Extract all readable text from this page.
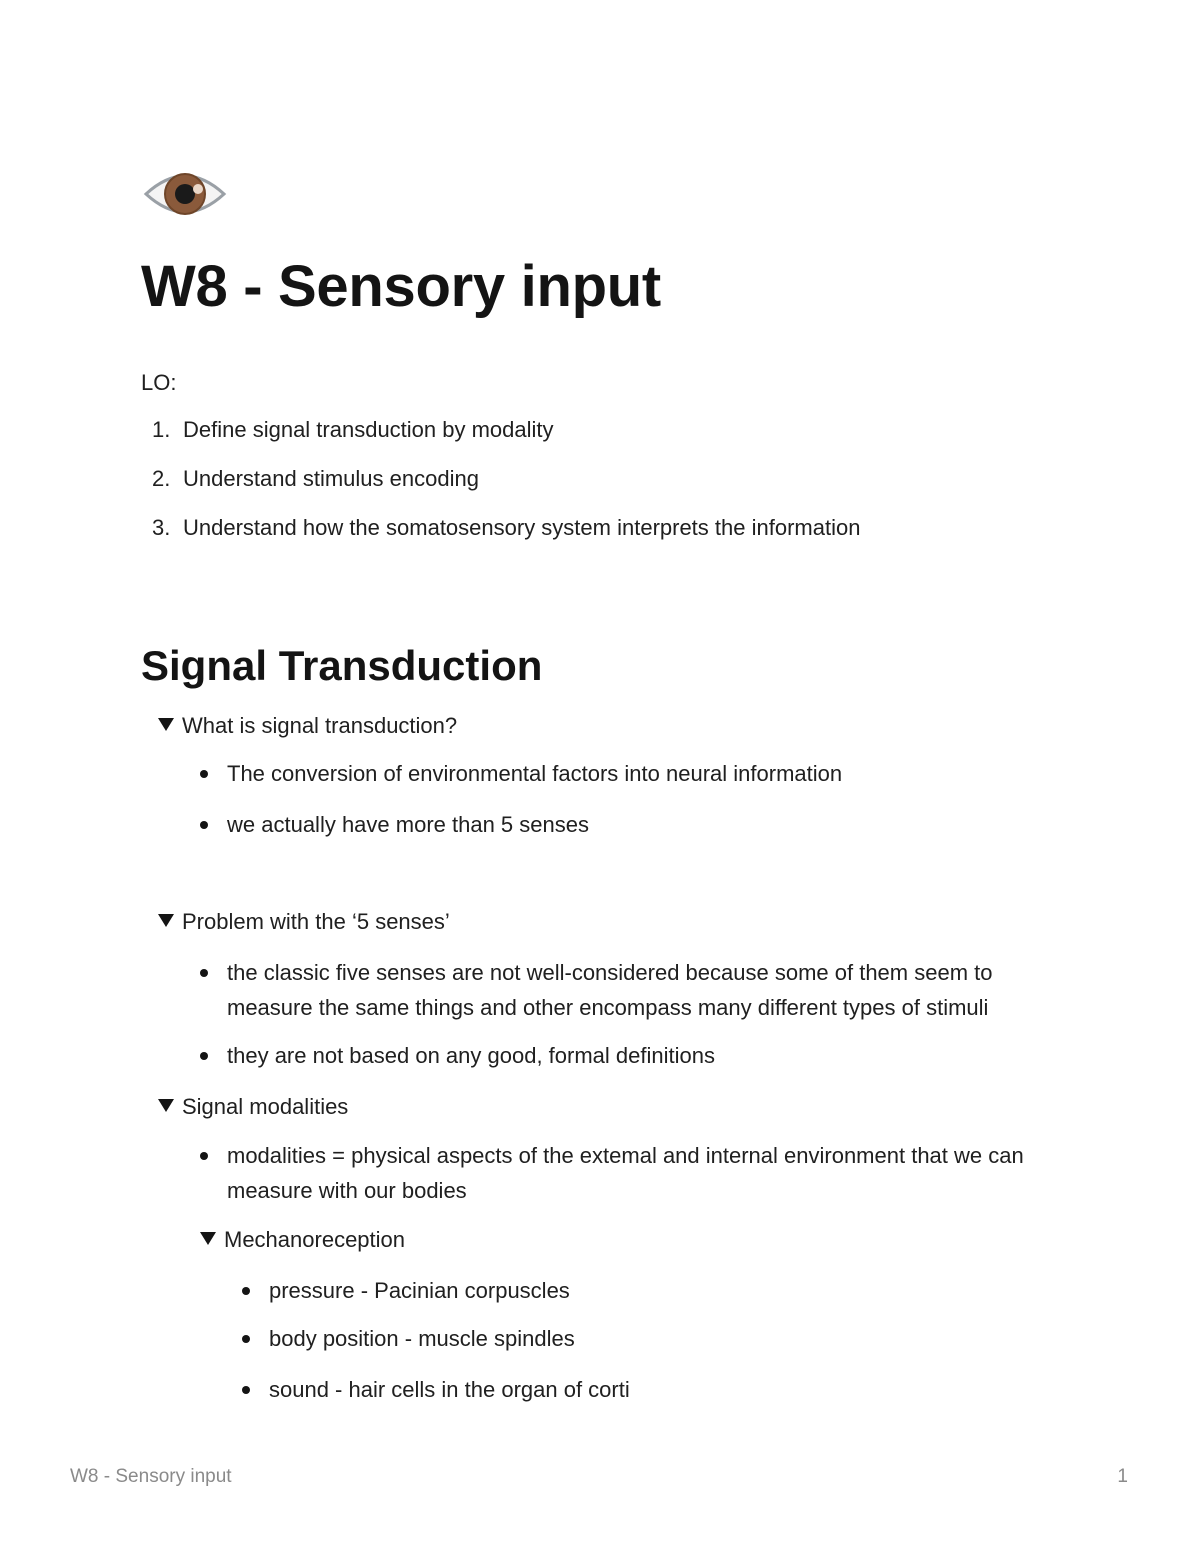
W8 - Sensory input
LO:
1. Define signal transduction by modality
2. Understand stimulus encoding
3. Understand how the somatosensory system interprets the information
Signal Transduction
What is signal transduction?
The conversion of environmental factors into neural information
we actually have more than 5 senses
Problem with the ‘5 senses’
the classic five senses are not well-considered because some of them seem to measure the same things and other encompass many different types of stimuli
they are not based on any good, formal definitions
Signal modalities
modalities = physical aspects of the extemal and internal environment that we can measure with our bodies
Mechanoreception
pressure - Pacinian corpuscles
body position - muscle spindles
sound - hair cells in the organ of corti
W8 - Sensory input	1
